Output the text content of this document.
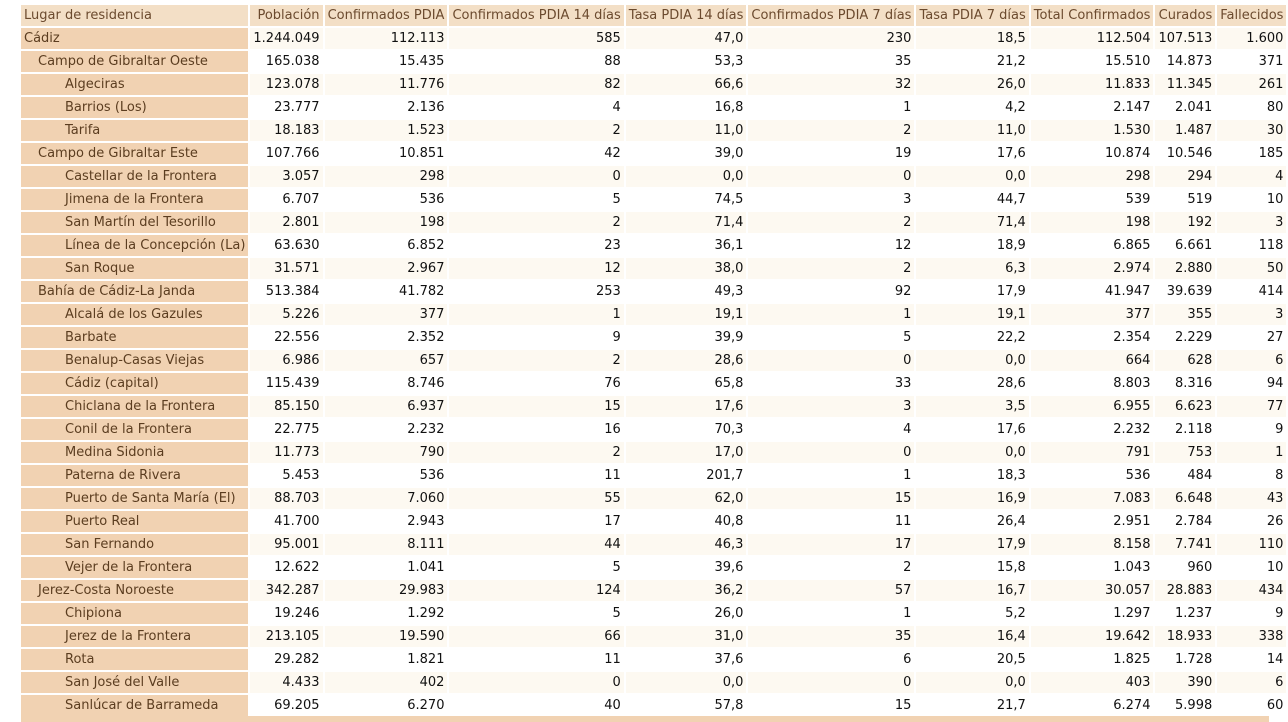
Lugar de residencia	Población	Confirmados PDIA	Confirmados PDIA 14 días	Tasa PDIA 14 días	Confirmados PDIA 7 días	Tasa PDIA 7 días	Total Confirmados	Curados	Fallecidos
Cádiz	1.244.049	112.113	585	47,0	230	18,5	112.504	107.513	1.600
Campo de Gibraltar Oeste	165.038	15.435	88	53,3	35	21,2	15.510	14.873	371
Algeciras	123.078	11.776	82	66,6	32	26,0	11.833	11.345	261
Barrios (Los)	23.777	2.136	4	16,8	1	4,2	2.147	2.041	80
Tarifa	18.183	1.523	2	11,0	2	11,0	1.530	1.487	30
Campo de Gibraltar Este	107.766	10.851	42	39,0	19	17,6	10.874	10.546	185
Castellar de la Frontera	3.057	298	0	0,0	0	0,0	298	294	4
Jimena de la Frontera	6.707	536	5	74,5	3	44,7	539	519	10
San Martín del Tesorillo	2.801	198	2	71,4	2	71,4	198	192	3
Línea de la Concepción (La)	63.630	6.852	23	36,1	12	18,9	6.865	6.661	118
San Roque	31.571	2.967	12	38,0	2	6,3	2.974	2.880	50
Bahía de Cádiz-La Janda	513.384	41.782	253	49,3	92	17,9	41.947	39.639	414
Alcalá de los Gazules	5.226	377	1	19,1	1	19,1	377	355	3
Barbate	22.556	2.352	9	39,9	5	22,2	2.354	2.229	27
Benalup-Casas Viejas	6.986	657	2	28,6	0	0,0	664	628	6
Cádiz (capital)	115.439	8.746	76	65,8	33	28,6	8.803	8.316	94
Chiclana de la Frontera	85.150	6.937	15	17,6	3	3,5	6.955	6.623	77
Conil de la Frontera	22.775	2.232	16	70,3	4	17,6	2.232	2.118	9
Medina Sidonia	11.773	790	2	17,0	0	0,0	791	753	1
Paterna de Rivera	5.453	536	11	201,7	1	18,3	536	484	8
Puerto de Santa María (El)	88.703	7.060	55	62,0	15	16,9	7.083	6.648	43
Puerto Real	41.700	2.943	17	40,8	11	26,4	2.951	2.784	26
San Fernando	95.001	8.111	44	46,3	17	17,9	8.158	7.741	110
Vejer de la Frontera	12.622	1.041	5	39,6	2	15,8	1.043	960	10
Jerez-Costa Noroeste	342.287	29.983	124	36,2	57	16,7	30.057	28.883	434
Chipiona	19.246	1.292	5	26,0	1	5,2	1.297	1.237	9
Jerez de la Frontera	213.105	19.590	66	31,0	35	16,4	19.642	18.933	338
Rota	29.282	1.821	11	37,6	6	20,5	1.825	1.728	14
San José del Valle	4.433	402	0	0,0	0	0,0	403	390	6
Sanlúcar de Barrameda	69.205	6.270	40	57,8	15	21,7	6.274	5.998	60
